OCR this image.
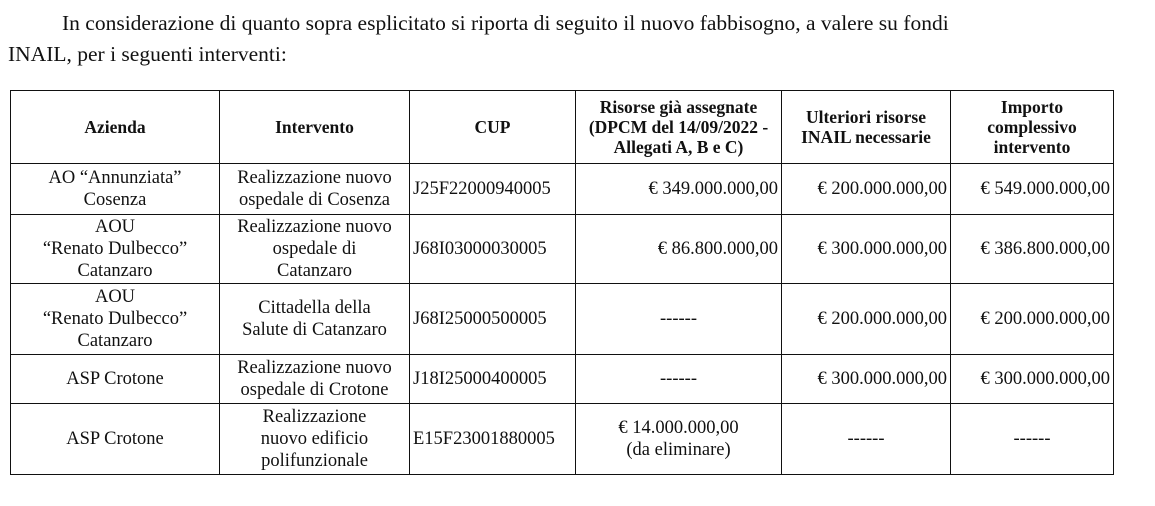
In considerazione di quanto sopra esplicitato si riporta di seguito il nuovo fabbisogno, a valere su fondi
INAIL, per i seguenti interventi:

Azienda	Intervento	CUP	Risorse già assegnate
(DPCM del 14/09/2022 -
Allegati A, B e C)	Ulteriori risorse
INAIL necessarie	Importo
complessivo
intervento

AO “Annunziata”
Cosenza	Realizzazione nuovo
ospedale di Cosenza	J25F22000940005	€ 349.000.000,00	€ 200.000.000,00	€ 549.000.000,00

AOU
“Renato Dulbecco”
Catanzaro	Realizzazione nuovo
ospedale di
Catanzaro	J68I03000030005	€ 86.800.000,00	€ 300.000.000,00	€ 386.800.000,00

AOU
“Renato Dulbecco”
Catanzaro	Cittadella della
Salute di Catanzaro	J68I25000500005	------	€ 200.000.000,00	€ 200.000.000,00

ASP Crotone	Realizzazione nuovo
ospedale di Crotone	J18I25000400005	------	€ 300.000.000,00	€ 300.000.000,00

ASP Crotone	Realizzazione
nuovo edificio
polifunzionale	E15F23001880005	€ 14.000.000,00
(da eliminare)	------	------
